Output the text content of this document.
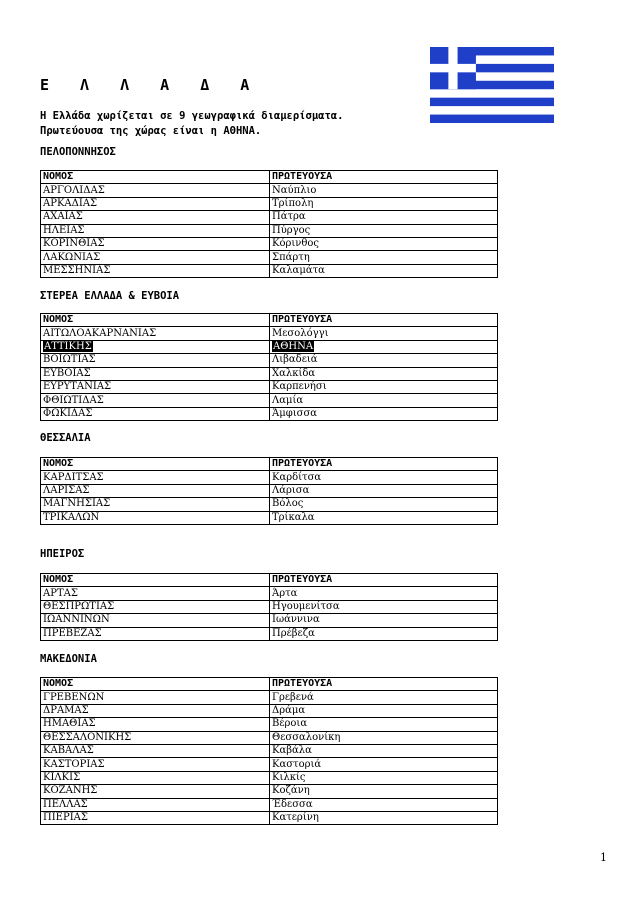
Ε Λ Λ Α Δ Α
Η Ελλάδα χωρίζεται σε 9 γεωγραφικά διαμερίσματα.
Πρωτεύουσα της χώρας είναι η ΑΘΗΝΑ.
ΠΕΛΟΠΟΝΝΗΣΟΣ
ΝΟΜΟΣ	ΠΡΩΤΕΥΟΥΣΑ
ΑΡΓΟΛΙΔΑΣ	Ναύπλιο
ΑΡΚΑΔΙΑΣ	Τρίπολη
ΑΧΑΪΑΣ	Πάτρα
ΗΛΕΙΑΣ	Πύργος
ΚΟΡΙΝΘΙΑΣ	Κόρινθος
ΛΑΚΩΝΙΑΣ	Σπάρτη
ΜΕΣΣΗΝΙΑΣ	Καλαμάτα
ΣΤΕΡΕΑ ΕΛΛΑΔΑ & ΕΥΒΟΙΑ
ΝΟΜΟΣ	ΠΡΩΤΕΥΟΥΣΑ
ΑΙΤΩΛΟΑΚΑΡΝΑΝΙΑΣ	Μεσολόγγι
ΑΤΤΙΚΗΣ	ΑΘΗΝΑ
ΒΟΙΩΤΙΑΣ	Λιβαδειά
ΕΥΒΟΙΑΣ	Χαλκίδα
ΕΥΡΥΤΑΝΙΑΣ	Καρπενήσι
ΦΘΙΩΤΙΔΑΣ	Λαμία
ΦΩΚΙΔΑΣ	Άμφισσα
ΘΕΣΣΑΛΙΑ
ΝΟΜΟΣ	ΠΡΩΤΕΥΟΥΣΑ
ΚΑΡΔΙΤΣΑΣ	Καρδίτσα
ΛΑΡΙΣΑΣ	Λάρισα
ΜΑΓΝΗΣΙΑΣ	Βόλος
ΤΡΙΚΑΛΩΝ	Τρίκαλα
ΗΠΕΙΡΟΣ
ΝΟΜΟΣ	ΠΡΩΤΕΥΟΥΣΑ
ΑΡΤΑΣ	Άρτα
ΘΕΣΠΡΩΤΙΑΣ	Ηγουμενίτσα
ΙΩΑΝΝΙΝΩΝ	Ιωάννινα
ΠΡΕΒΕΖΑΣ	Πρέβεζα
ΜΑΚΕΔΟΝΙΑ
ΝΟΜΟΣ	ΠΡΩΤΕΥΟΥΣΑ
ΓΡΕΒΕΝΩΝ	Γρεβενά
ΔΡΑΜΑΣ	Δράμα
ΗΜΑΘΙΑΣ	Βέροια
ΘΕΣΣΑΛΟΝΙΚΗΣ	Θεσσαλονίκη
ΚΑΒΑΛΑΣ	Καβάλα
ΚΑΣΤΟΡΙΑΣ	Καστοριά
ΚΙΛΚΙΣ	Κιλκίς
ΚΟΖΑΝΗΣ	Κοζάνη
ΠΕΛΛΑΣ	Έδεσσα
ΠΙΕΡΙΑΣ	Κατερίνη
1
